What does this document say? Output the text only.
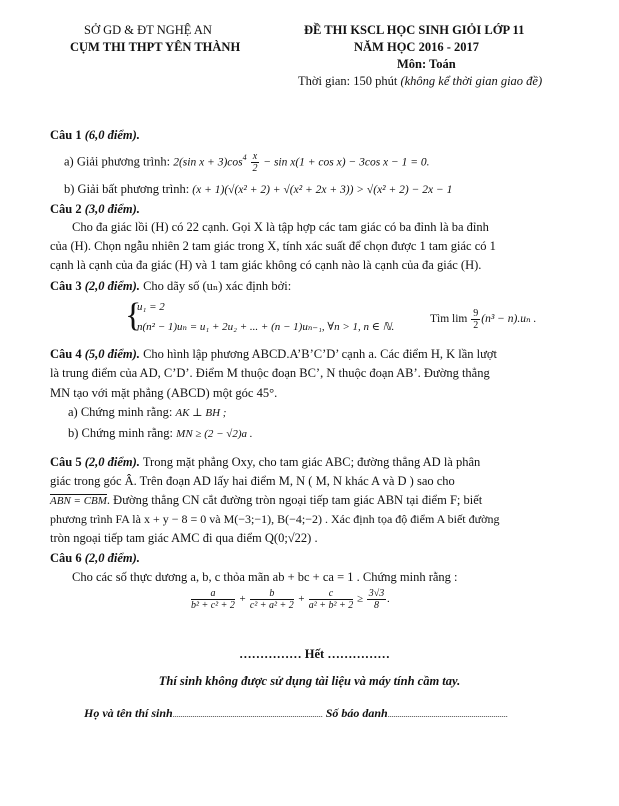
SỞ GD & ĐT NGHỆ AN
CỤM THI THPT YÊN THÀNH
ĐỀ THI KSCL HỌC SINH GIỎI LỚP 11
NĂM HỌC 2016 - 2017
Môn: Toán
Thời gian: 150 phút (không kể thời gian giao đề)
Câu 1 (6,0 điểm).
a) Giải phương trình: 2(sin $x + 3)\cos^4 \frac{x}{2} - \sin x(1 + \cos x) - 3\cos$ x − 1 = 0.
b) Giải bất phương trình: (x + 1)(√(x² + 2) + √(x² + 2x + 3)) > √(x² + 2) − 2x − 1
Câu 2 (3,0 điểm).
Cho đa giác lồi (H) có 22 cạnh. Gọi X là tập hợp các tam giác có ba đỉnh là ba đỉnh
của (H). Chọn ngẫu nhiên 2 tam giác trong X, tính xác suất để chọn được 1 tam giác có 1
cạnh là cạnh của đa giác (H) và 1 tam giác không có cạnh nào là cạnh của đa giác (H).
Câu 3 (2,0 điểm). Cho dãy số (uₙ) xác định bởi:
{
u₁ = 2
n(n² − 1)uₙ = u₁ + 2u₂ + ... + (n − 1)uₙ₋₁, ∀n > 1, n ∈ ℕ.
Tìm $\lim \frac{9}{2} (n^3 - n).u_n$ .
Câu 4 (5,0 điểm). Cho hình lập phương ABCD.A’B’C’D’ cạnh a. Các điểm H, K lần lượt
là trung điểm của AD, C’D’. Điểm M thuộc đoạn BC’, N thuộc đoạn AB’. Đường thẳng
MN tạo với mặt phẳng (ABCD) một góc 45°.
a) Chứng minh rằng: AK ⊥ BH ;
b) Chứng minh rằng: MN ≥ (2 − √2)a .
Câu 5 (2,0 điểm). Trong mặt phẳng Oxy, cho tam giác ABC; đường thẳng AD là phân
giác trong góc Â. Trên đoạn AD lấy hai điểm M, N ( M, N khác A và D ) sao cho
ABN = CBM. Đường thẳng CN cắt đường tròn ngoại tiếp tam giác ABN tại điểm F; biết
phương trình FA là x + y − 8 = 0 và M(−3;−1), B(−4;−2) . Xác định tọa độ điểm A biết đường
tròn ngoại tiếp tam giác AMC đi qua điểm Q(0;√22) .
Câu 6 (2,0 điểm).
Cho các số thực dương a, b, c thỏa mãn ab + bc + ca = 1 . Chứng minh rằng :
$\frac{a}{\text{b² + c² + 2}} + \frac{b}{\text{c² + a² + 2}} + \frac{c}{\text{a² + b² + 2}} \ge \frac{3√3}{8}$ .
…………… Hết ……………
Thí sinh không được sử dụng tài liệu và máy tính cầm tay.
Họ và tên thí sinh........................................................................... Số báo danh............................................................
